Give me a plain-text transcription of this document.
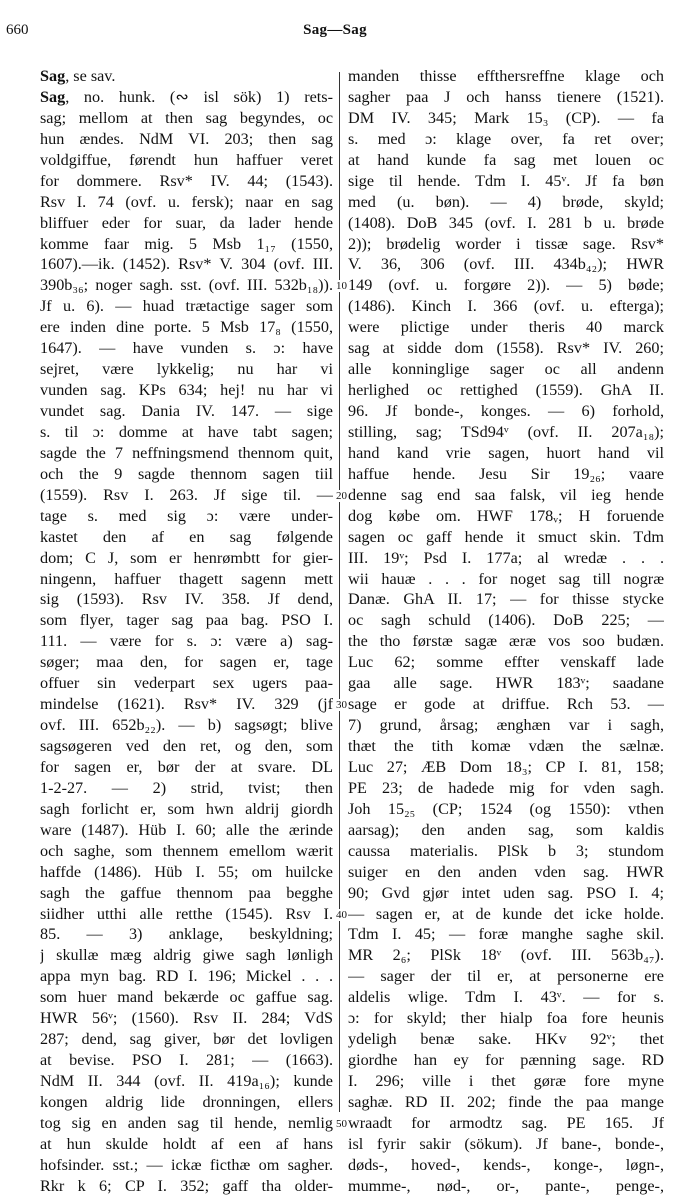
660	Sag—Sag
10
20
30
40
50
Sag, se sav.
Sag, no. hunk. (∾ isl sök) 1) rets-
sag; mellom at then sag begyndes, oc
hun ændes. NdM VI. 203; then sag
voldgiffue, førendt hun haffuer veret
for dommere. Rsv* IV. 44; (1543).
Rsv I. 74 (ovf. u. fersk); naar en sag
bliffuer eder for suar, da lader hende
komme faar mig. 5 Msb 1₁₇ (1550,
1607).—ik. (1452). Rsv* V. 304 (ovf. III.
390b₃₆; noger sagh. sst. (ovf. III. 532b₁₈)).
Jf u. 6). — huad trætactige sager som
ere inden dine porte. 5 Msb 17₈ (1550,
1647). — have vunden s. ɔ: have
sejret, være lykkelig; nu har vi
vunden sag. KPs 634; hej! nu har vi
vundet sag. Dania IV. 147. — sige
s. til ɔ: domme at have tabt sagen;
sagde the 7 neffningsmend thennom quit,
och the 9 sagde thennom sagen tiil
(1559). Rsv I. 263. Jf sige til. —
tage s. med sig ɔ: være under-
kastet den af en sag følgende
dom; C J, som er henrømbtt for gier-
ningenn, haffuer thagett sagenn mett
sig (1593). Rsv IV. 358. Jf dend,
som flyer, tager sag paa bag. PSO I.
111. — være for s. ɔ: være a) sag-
søger; maa den, for sagen er, tage
offuer sin vederpart sex ugers paa-
mindelse (1621). Rsv* IV. 329 (jf
ovf. III. 652b₂₂). — b) sagsøgt; blive
sagsøgeren ved den ret, og den, som
for sagen er, bør der at svare. DL
1-2-27. — 2) strid, tvist; then
sagh forlicht er, som hwn aldrij giordh
ware (1487). Hüb I. 60; alle the ærinde
och saghe, som thennem emellom wærit
haffde (1486). Hüb I. 55; om huilcke
sagh the gaffue thennom paa begghe
siidher utthi alle retthe (1545). Rsv I.
85. — 3) anklage, beskyldning;
j skullæ mæg aldrig giwe sagh lønligh
appa myn bag. RD I. 196; Mickel . . .
som huer mand bekærde oc gaffue sag.
HWR 56ᵛ; (1560). Rsv II. 284; VdS
287; dend, sag giver, bør det lovligen
at bevise. PSO I. 281; — (1663).
NdM II. 344 (ovf. II. 419a₁₆); kunde
kongen aldrig lide dronningen, ellers
tog sig en anden sag til hende, nemlig
at hun skulde holdt af een af hans
hofsinder. sst.; — ickæ ficthæ om sagher.
Rkr k 6; CP I. 352; gaff tha older-
manden thisse effthersreffne klage och
sagher paa J och hanss tienere (1521).
DM IV. 345; Mark 15₃ (CP). — fa
s. med ɔ: klage over, fa ret over;
at hand kunde fa sag met louen oc
sige til hende. Tdm I. 45ᵛ. Jf fa bøn
med (u. bøn). — 4) brøde, skyld;
(1408). DoB 345 (ovf. I. 281 b u. brøde
2)); brødelig worder i tissæ sage. Rsv*
V. 36, 306 (ovf. III. 434b₄₂); HWR
149 (ovf. u. forgøre 2)). — 5) bøde;
(1486). Kinch I. 366 (ovf. u. efterga);
were plictige under theris 40 marck
sag at sidde dom (1558). Rsv* IV. 260;
alle konninglige sager oc all andenn
herlighed oc rettighed (1559). GhA II.
96. Jf bonde-, konges. — 6) forhold,
stilling, sag; TSd94ᵛ (ovf. II. 207a₁₈);
hand kand vrie sagen, huort hand vil
haffue hende. Jesu Sir 19₂₆; vaare
denne sag end saa falsk, vil ieg hende
dog købe om. HWF 178ᵥ; H foruende
sagen oc gaff hende it smuct skin. Tdm
III. 19ᵛ; Psd I. 177a; al wredæ . . .
wii hauæ . . . for noget sag till nogræ
Danæ. GhA II. 17; — for thisse stycke
oc sagh schuld (1406). DoB 225; —
the tho førstæ sagæ æræ vos soo budæn.
Luc 62; somme effter venskaff lade
gaa alle sage. HWR 183ᵛ; saadane
sage er gode at driffue. Rch 53. —
7) grund, årsag; ænghæn var i sagh,
thæt the tith komæ vdæn the sælnæ.
Luc 27; ÆB Dom 18₃; CP I. 81, 158;
PE 23; de hadede mig for vden sagh.
Joh 15₂₅ (CP; 1524 (og 1550): vthen
aarsag); den anden sag, som kaldis
caussa materialis. PlSk b 3; stundom
suiger en den anden vden sag. HWR
90; Gvd gjør intet uden sag. PSO I. 4;
— sagen er, at de kunde det icke holde.
Tdm I. 45; — foræ manghe saghe skil.
MR 2₆; PlSk 18ᵛ (ovf. III. 563b₄₇).
— sager der til er, at personerne ere
aldelis wlige. Tdm I. 43ᵛ. — for s.
ɔ: for skyld; ther hialp foa fore heunis
ydeligh benæ sake. HKv 92ᵛ; thet
giordhe han ey for pænning sage. RD
I. 296; ville i thet gøræ fore myne
saghæ. RD II. 202; finde the paa mange
wraadt for armodtz sag. PE 165. Jf
isl fyrir sakir (sökum). Jf bane-, bonde-,
døds-, hoved-, kends-, konge-, løgn-,
mumme-, nød-, or-, pante-, penge-,
